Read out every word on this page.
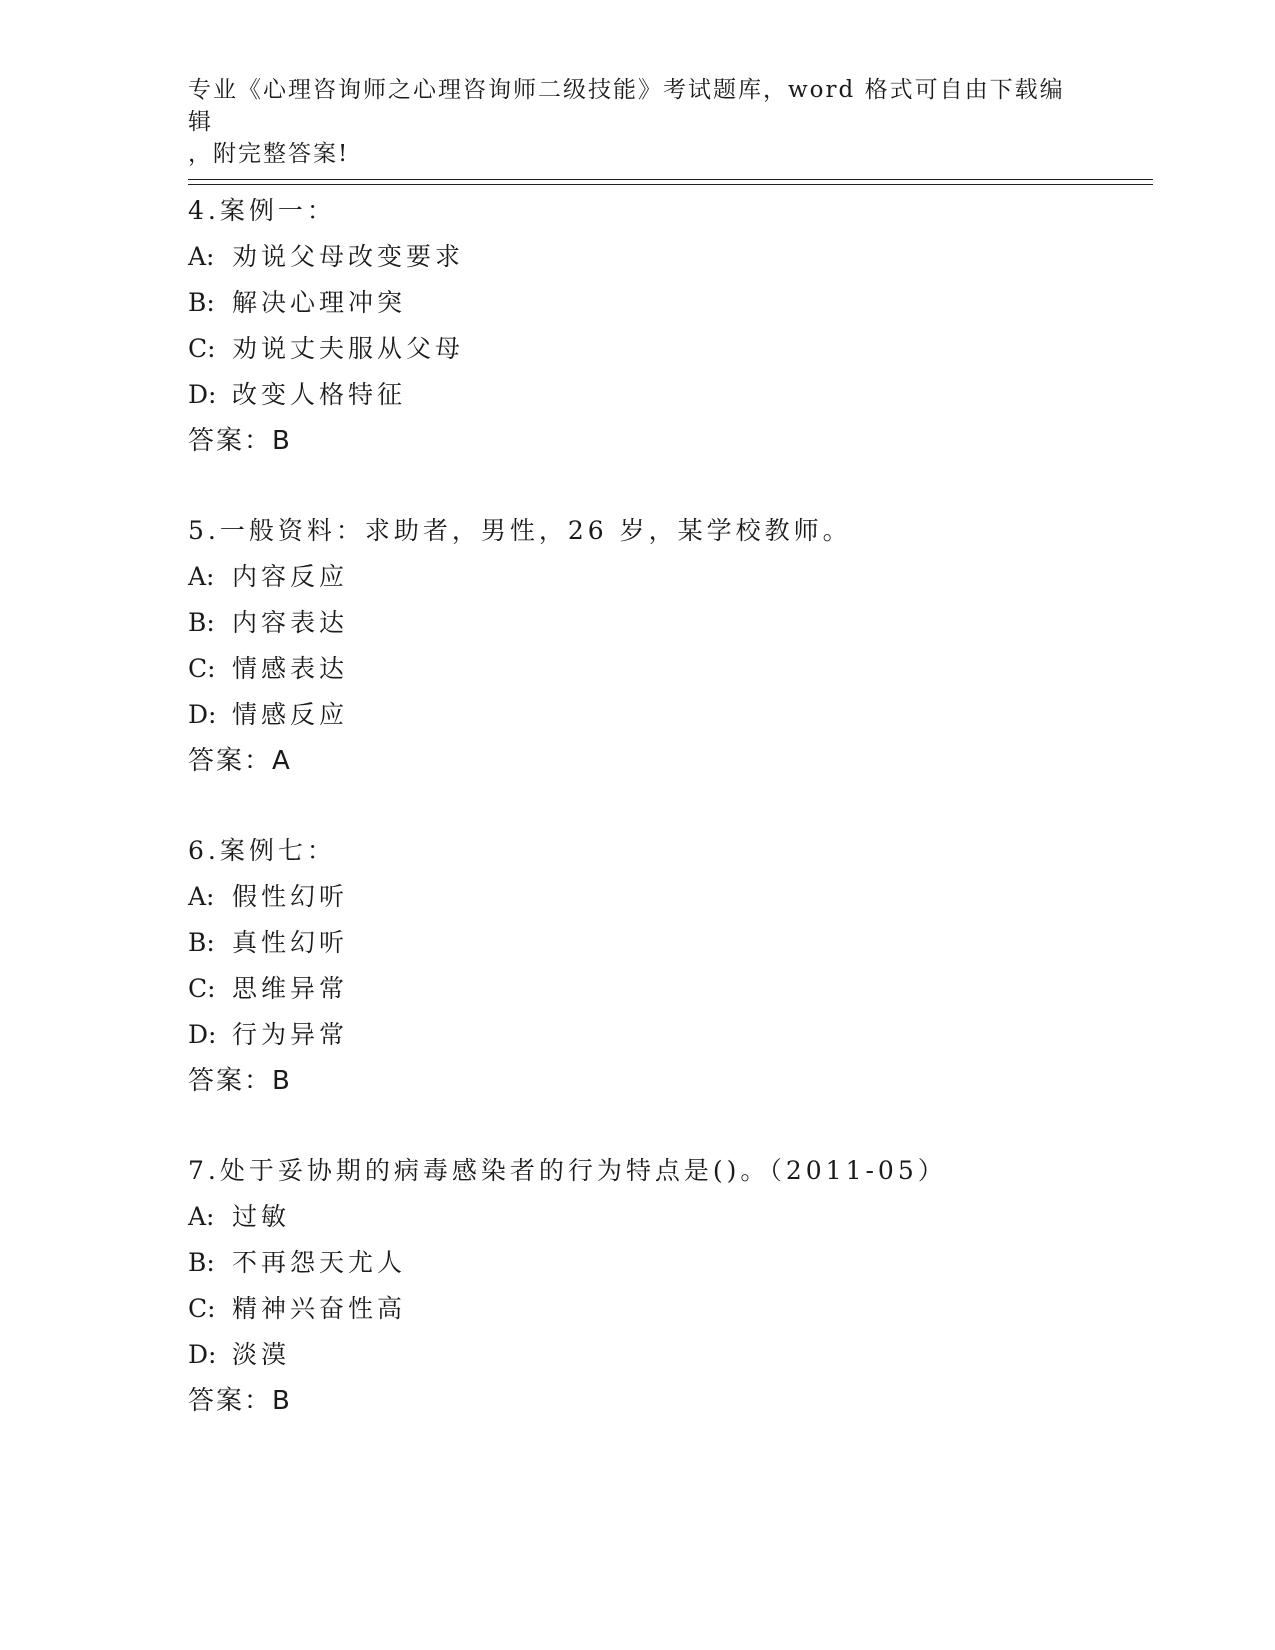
专业《心理咨询师之心理咨询师二级技能》考试题库，word 格式可自由下载编辑
，附完整答案!
4.案例一：
A: 劝说父母改变要求
B: 解决心理冲突
C: 劝说丈夫服从父母
D: 改变人格特征
答案：B
5.一般资料：求助者，男性，26 岁，某学校教师。
A: 内容反应
B: 内容表达
C: 情感表达
D: 情感反应
答案：A
6.案例七：
A: 假性幻听
B: 真性幻听
C: 思维异常
D: 行为异常
答案：B
7.处于妥协期的病毒感染者的行为特点是()。（2011-05）
A: 过敏
B: 不再怨天尤人
C: 精神兴奋性高
D: 淡漠
答案：B
